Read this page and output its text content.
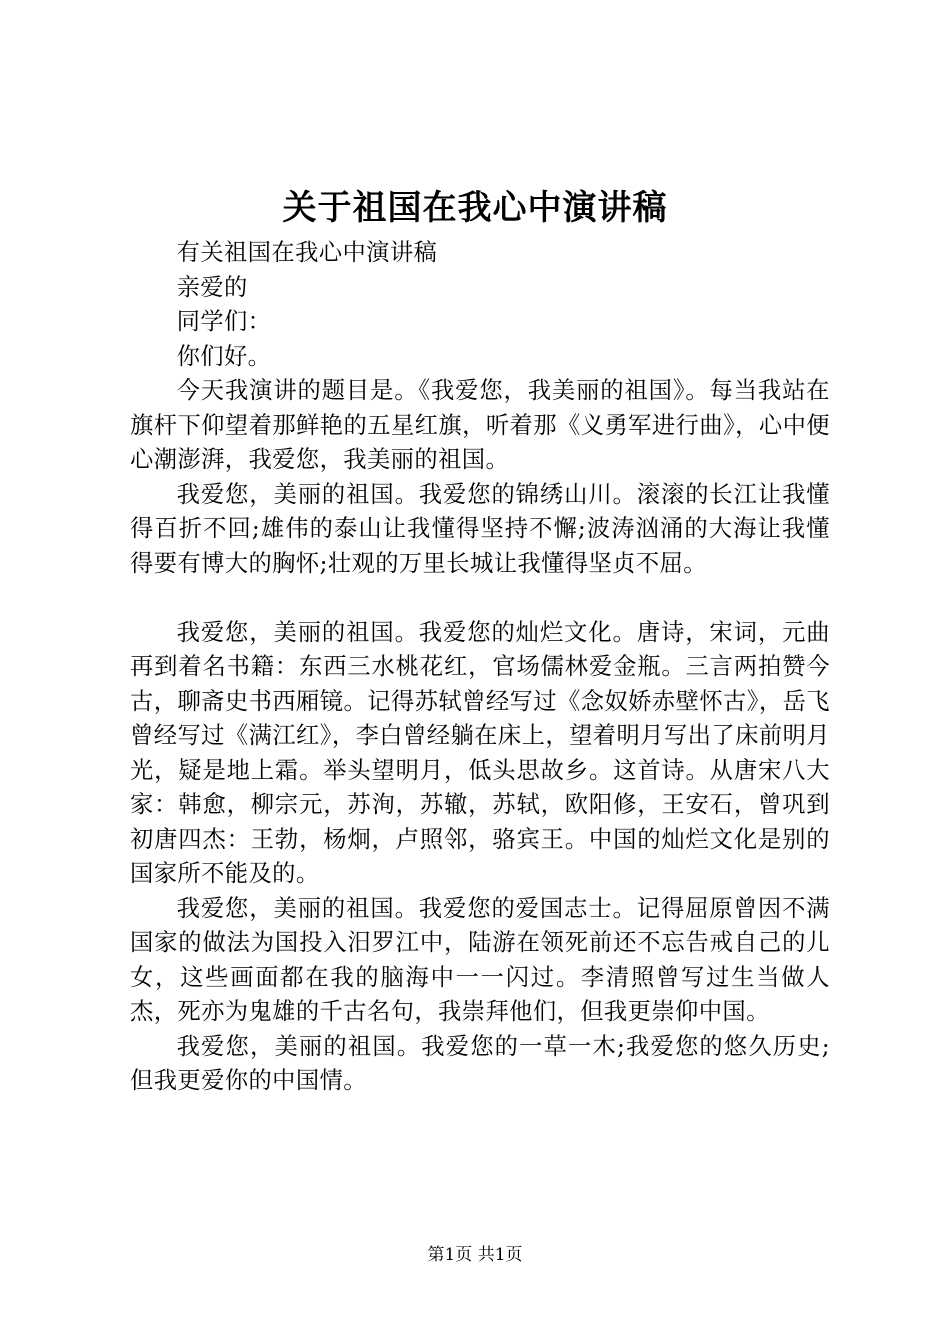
关于祖国在我心中演讲稿

有关祖国在我心中演讲稿

亲爱的

同学们：

你们好。

今天我演讲的题目是。《我爱您，我美丽的祖国》。每当我站在旗杆下仰望着那鲜艳的五星红旗，听着那《义勇军进行曲》，心中便心潮澎湃，我爱您，我美丽的祖国。

我爱您，美丽的祖国。我爱您的锦绣山川。滚滚的长江让我懂得百折不回;雄伟的泰山让我懂得坚持不懈;波涛汹涌的大海让我懂得要有博大的胸怀;壮观的万里长城让我懂得坚贞不屈。

我爱您，美丽的祖国。我爱您的灿烂文化。唐诗，宋词，元曲再到着名书籍：东西三水桃花红，官场儒林爱金瓶。三言两拍赞今古，聊斋史书西厢镜。记得苏轼曾经写过《念奴娇赤壁怀古》，岳飞曾经写过《满江红》，李白曾经躺在床上，望着明月写出了床前明月光，疑是地上霜。举头望明月，低头思故乡。这首诗。从唐宋八大家：韩愈，柳宗元，苏洵，苏辙，苏轼，欧阳修，王安石，曾巩到初唐四杰：王勃，杨炯，卢照邻，骆宾王。中国的灿烂文化是别的国家所不能及的。

我爱您，美丽的祖国。我爱您的爱国志士。记得屈原曾因不满国家的做法为国投入汨罗江中，陆游在领死前还不忘告戒自己的儿女，这些画面都在我的脑海中一一闪过。李清照曾写过生当做人杰，死亦为鬼雄的千古名句，我崇拜他们，但我更崇仰中国。

我爱您，美丽的祖国。我爱您的一草一木;我爱您的悠久历史;但我更爱你的中国情。

第1页 共1页
